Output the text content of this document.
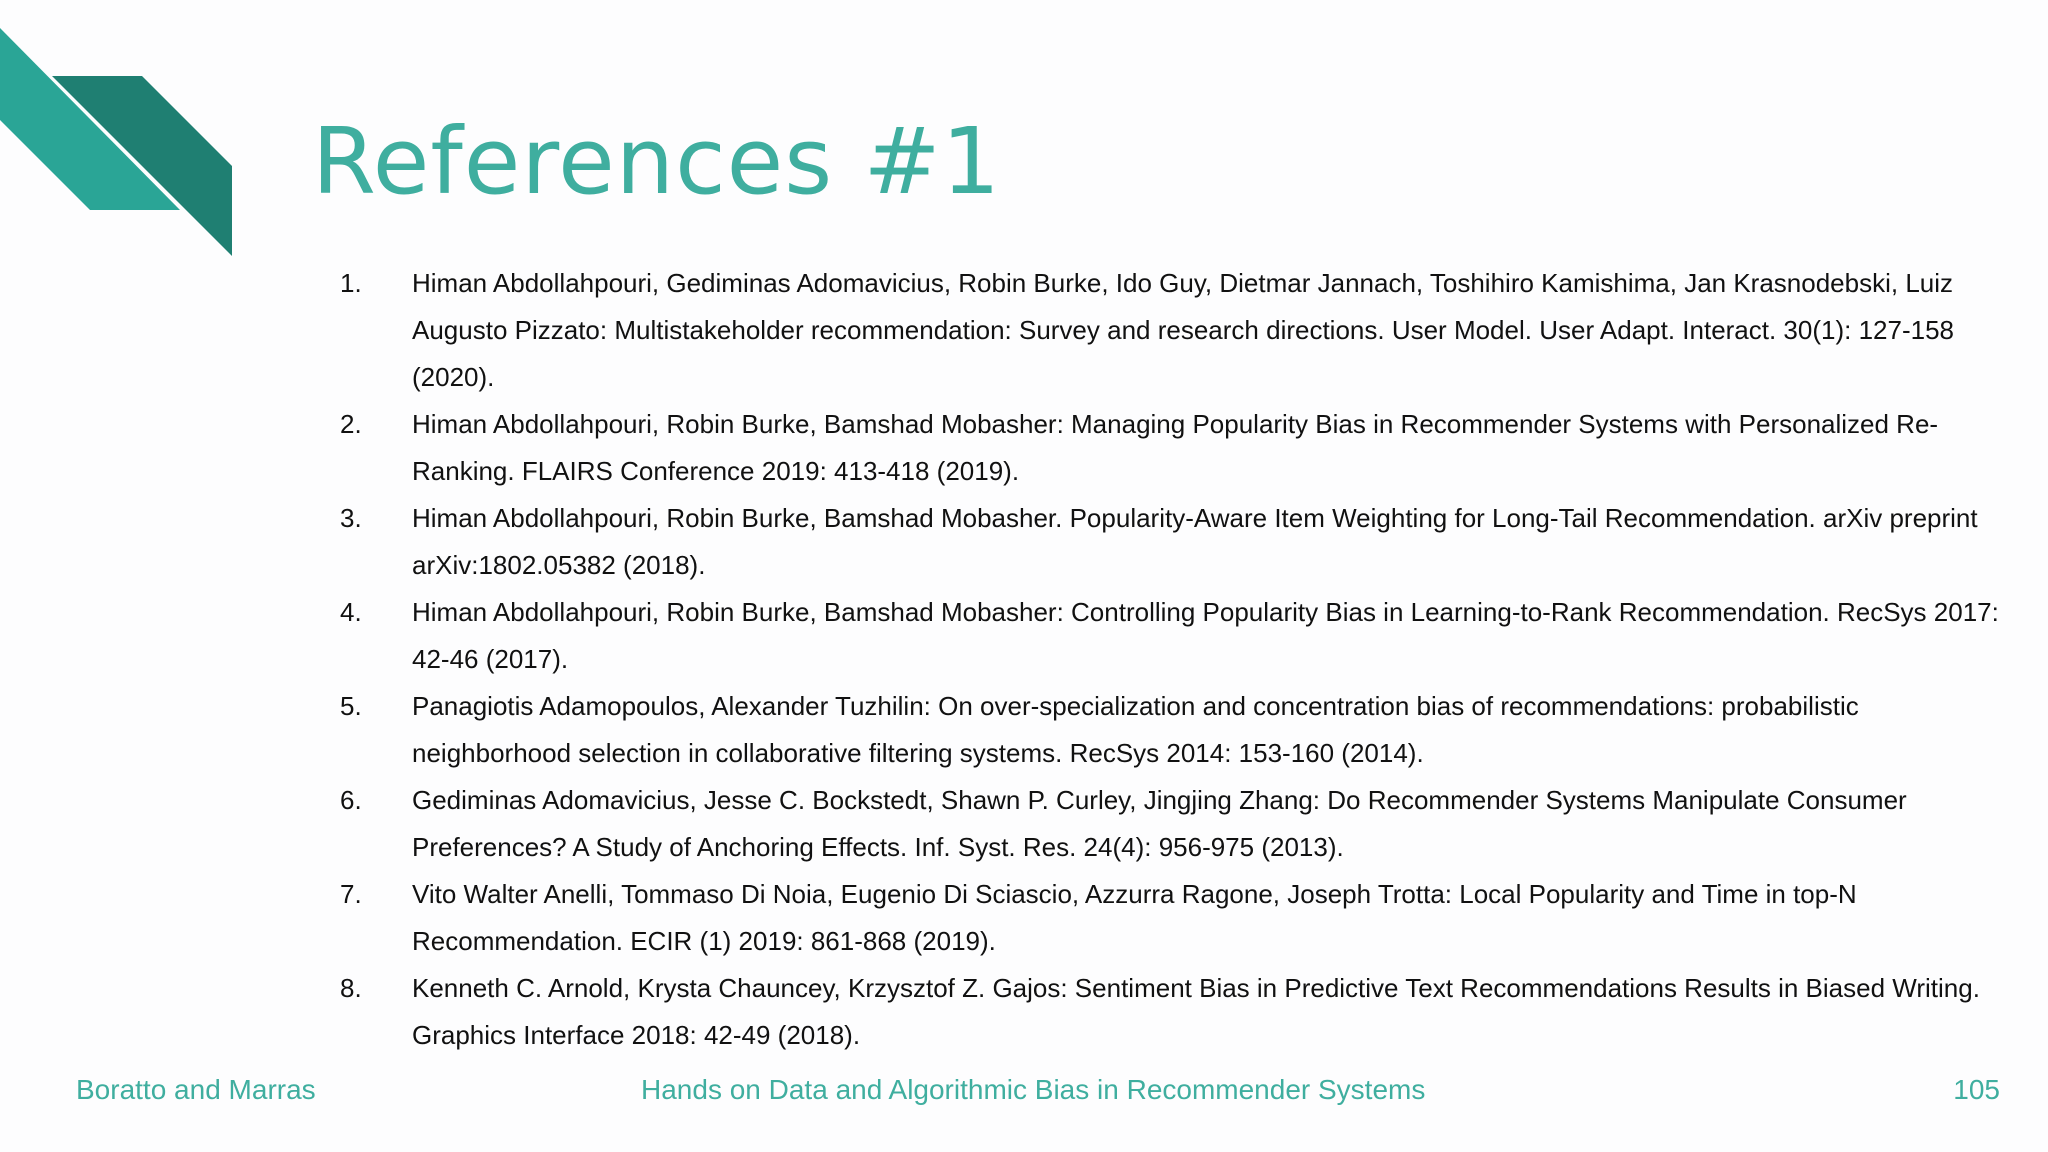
References #1
1. Himan Abdollahpouri, Gediminas Adomavicius, Robin Burke, Ido Guy, Dietmar Jannach, Toshihiro Kamishima, Jan Krasnodebski, Luiz Augusto Pizzato: Multistakeholder recommendation: Survey and research directions. User Model. User Adapt. Interact. 30(1): 127-158 (2020).
2. Himan Abdollahpouri, Robin Burke, Bamshad Mobasher: Managing Popularity Bias in Recommender Systems with Personalized Re-Ranking. FLAIRS Conference 2019: 413-418 (2019).
3. Himan Abdollahpouri, Robin Burke, Bamshad Mobasher. Popularity-Aware Item Weighting for Long-Tail Recommendation. arXiv preprint arXiv:1802.05382 (2018).
4. Himan Abdollahpouri, Robin Burke, Bamshad Mobasher: Controlling Popularity Bias in Learning-to-Rank Recommendation. RecSys 2017: 42-46 (2017).
5. Panagiotis Adamopoulos, Alexander Tuzhilin: On over-specialization and concentration bias of recommendations: probabilistic neighborhood selection in collaborative filtering systems. RecSys 2014: 153-160 (2014).
6. Gediminas Adomavicius, Jesse C. Bockstedt, Shawn P. Curley, Jingjing Zhang: Do Recommender Systems Manipulate Consumer Preferences? A Study of Anchoring Effects. Inf. Syst. Res. 24(4): 956-975 (2013).
7. Vito Walter Anelli, Tommaso Di Noia, Eugenio Di Sciascio, Azzurra Ragone, Joseph Trotta: Local Popularity and Time in top-N Recommendation. ECIR (1) 2019: 861-868 (2019).
8. Kenneth C. Arnold, Krysta Chauncey, Krzysztof Z. Gajos: Sentiment Bias in Predictive Text Recommendations Results in Biased Writing. Graphics Interface 2018: 42-49 (2018).
Boratto and Marras	Hands on Data and Algorithmic Bias in Recommender Systems	105
